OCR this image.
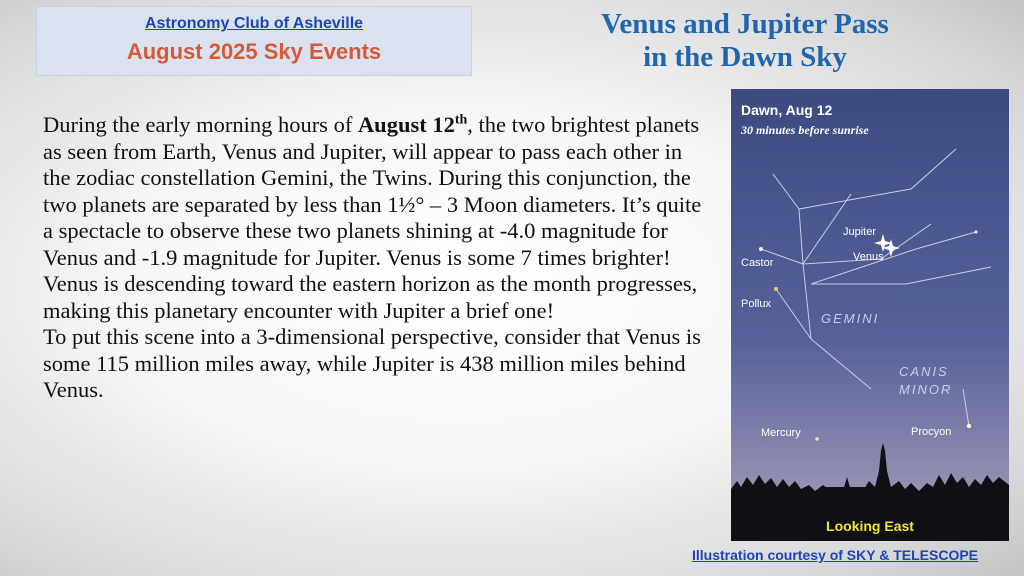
Astronomy Club of Asheville
August 2025 Sky Events
Venus and Jupiter Pass
in the Dawn Sky

During the early morning hours of August 12th, the two brightest planets as seen from Earth, Venus and Jupiter, will appear to pass each other in the zodiac constellation Gemini, the Twins. During this conjunction, the two planets are separated by less than 1½° – 3 Moon diameters. It’s quite a spectacle to observe these two planets shining at -4.0 magnitude for Venus and -1.9 magnitude for Jupiter. Venus is some 7 times brighter! Venus is descending toward the eastern horizon as the month progresses, making this planetary encounter with Jupiter a brief one!

To put this scene into a 3-dimensional perspective, consider that Venus is some 115 million miles away, while Jupiter is 438 million miles behind Venus.

Dawn, Aug 12
30 minutes before sunrise
Jupiter
Venus
Castor
Pollux
GEMINI
CANIS
MINOR
Mercury	Procyon
Looking East
Illustration courtesy of SKY & TELESCOPE
